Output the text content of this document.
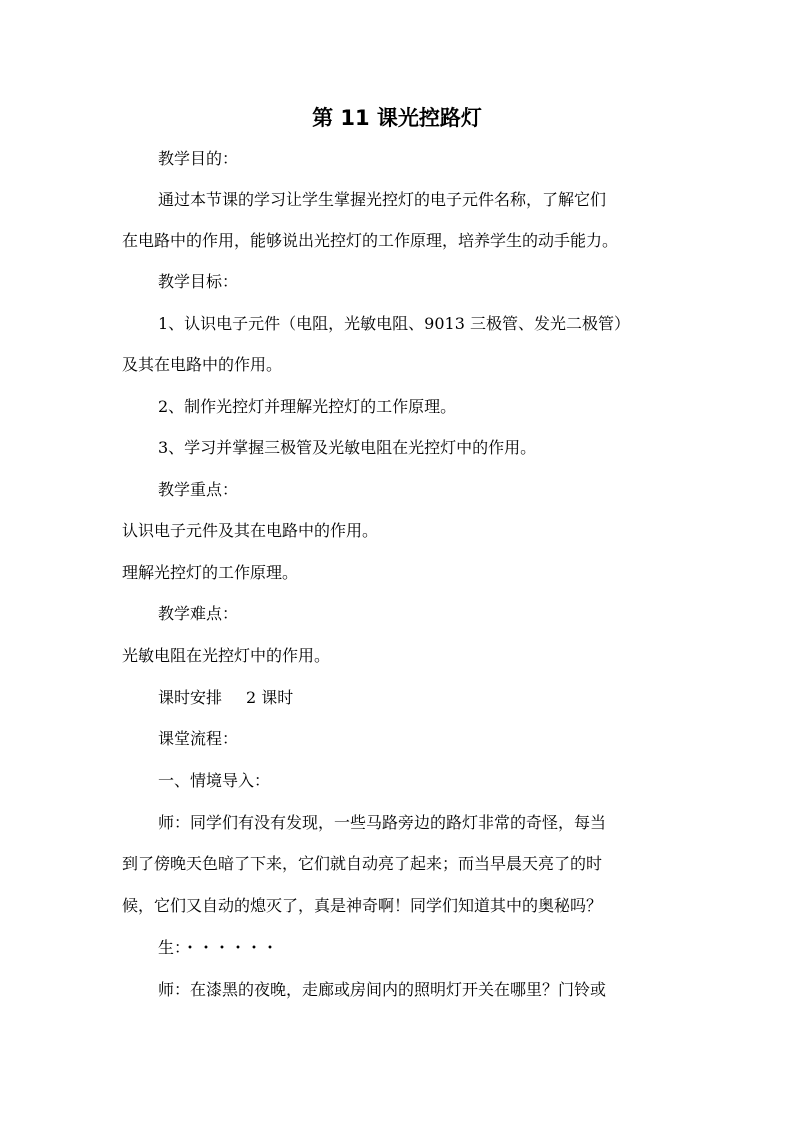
第 11 课光控路灯

教学目的：

通过本节课的学习让学生掌握光控灯的电子元件名称，了解它们

在电路中的作用，能够说出光控灯的工作原理，培养学生的动手能力。

教学目标：

1、认识电子元件（电阻，光敏电阻、9013 三极管、发光二极管）

及其在电路中的作用。

2、制作光控灯并理解光控灯的工作原理。

3、学习并掌握三极管及光敏电阻在光控灯中的作用。

教学重点：

认识电子元件及其在电路中的作用。

理解光控灯的工作原理。

教学难点：

光敏电阻在光控灯中的作用。

课时安排 2 课时

课堂流程：

一、情境导入：

师：同学们有没有发现，一些马路旁边的路灯非常的奇怪，每当

到了傍晚天色暗了下来，它们就自动亮了起来；而当早晨天亮了的时

候，它们又自动的熄灭了，真是神奇啊！同学们知道其中的奥秘吗？

生：・・・・・・

师：在漆黑的夜晚，走廊或房间内的照明灯开关在哪里？门铃或
